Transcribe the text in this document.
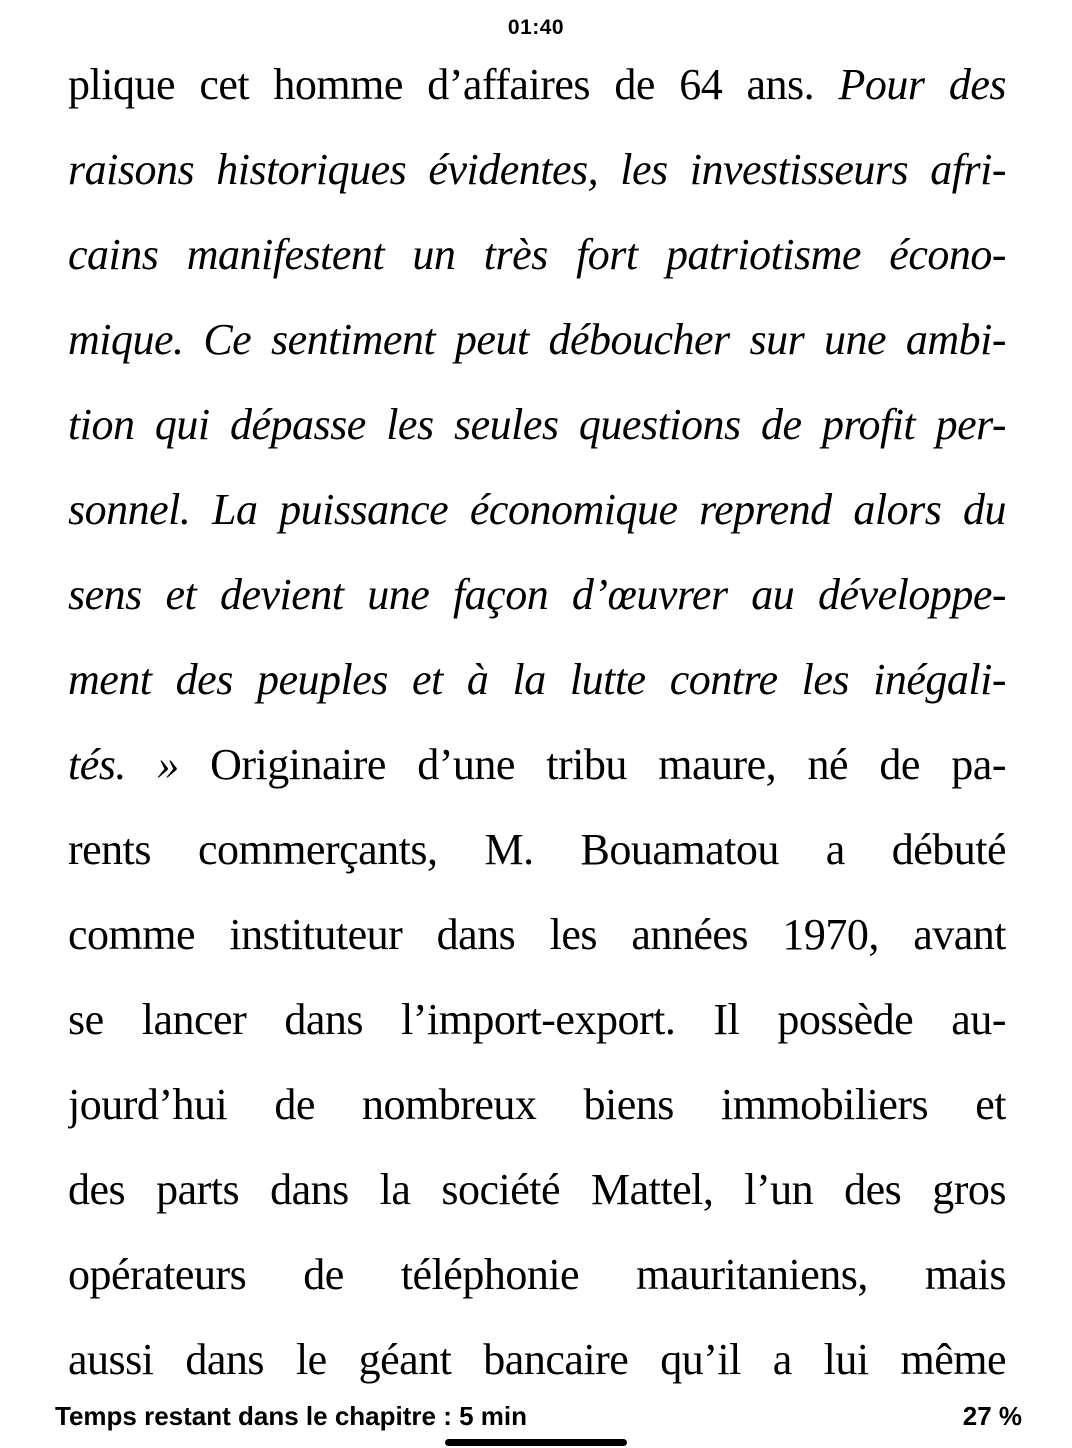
01:40
plique cet homme d’affaires de 64 ans. Pour des
raisons historiques évidentes, les investisseurs afri-
cains manifestent un très fort patriotisme écono-
mique. Ce sentiment peut déboucher sur une ambi-
tion qui dépasse les seules questions de profit per-
sonnel. La puissance économique reprend alors du
sens et devient une façon d’œuvrer au développe-
ment des peuples et à la lutte contre les inégali-
tés. » Originaire d’une tribu maure, né de pa-
rents commerçants, M. Bouamatou a débuté
comme instituteur dans les années 1970, avant
se lancer dans l’import-export. Il possède au-
jourd’hui de nombreux biens immobiliers et
des parts dans la société Mattel, l’un des gros
opérateurs de téléphonie mauritaniens, mais
aussi dans le géant bancaire qu’il a lui même
Temps restant dans le chapitre : 5 min	27 %
